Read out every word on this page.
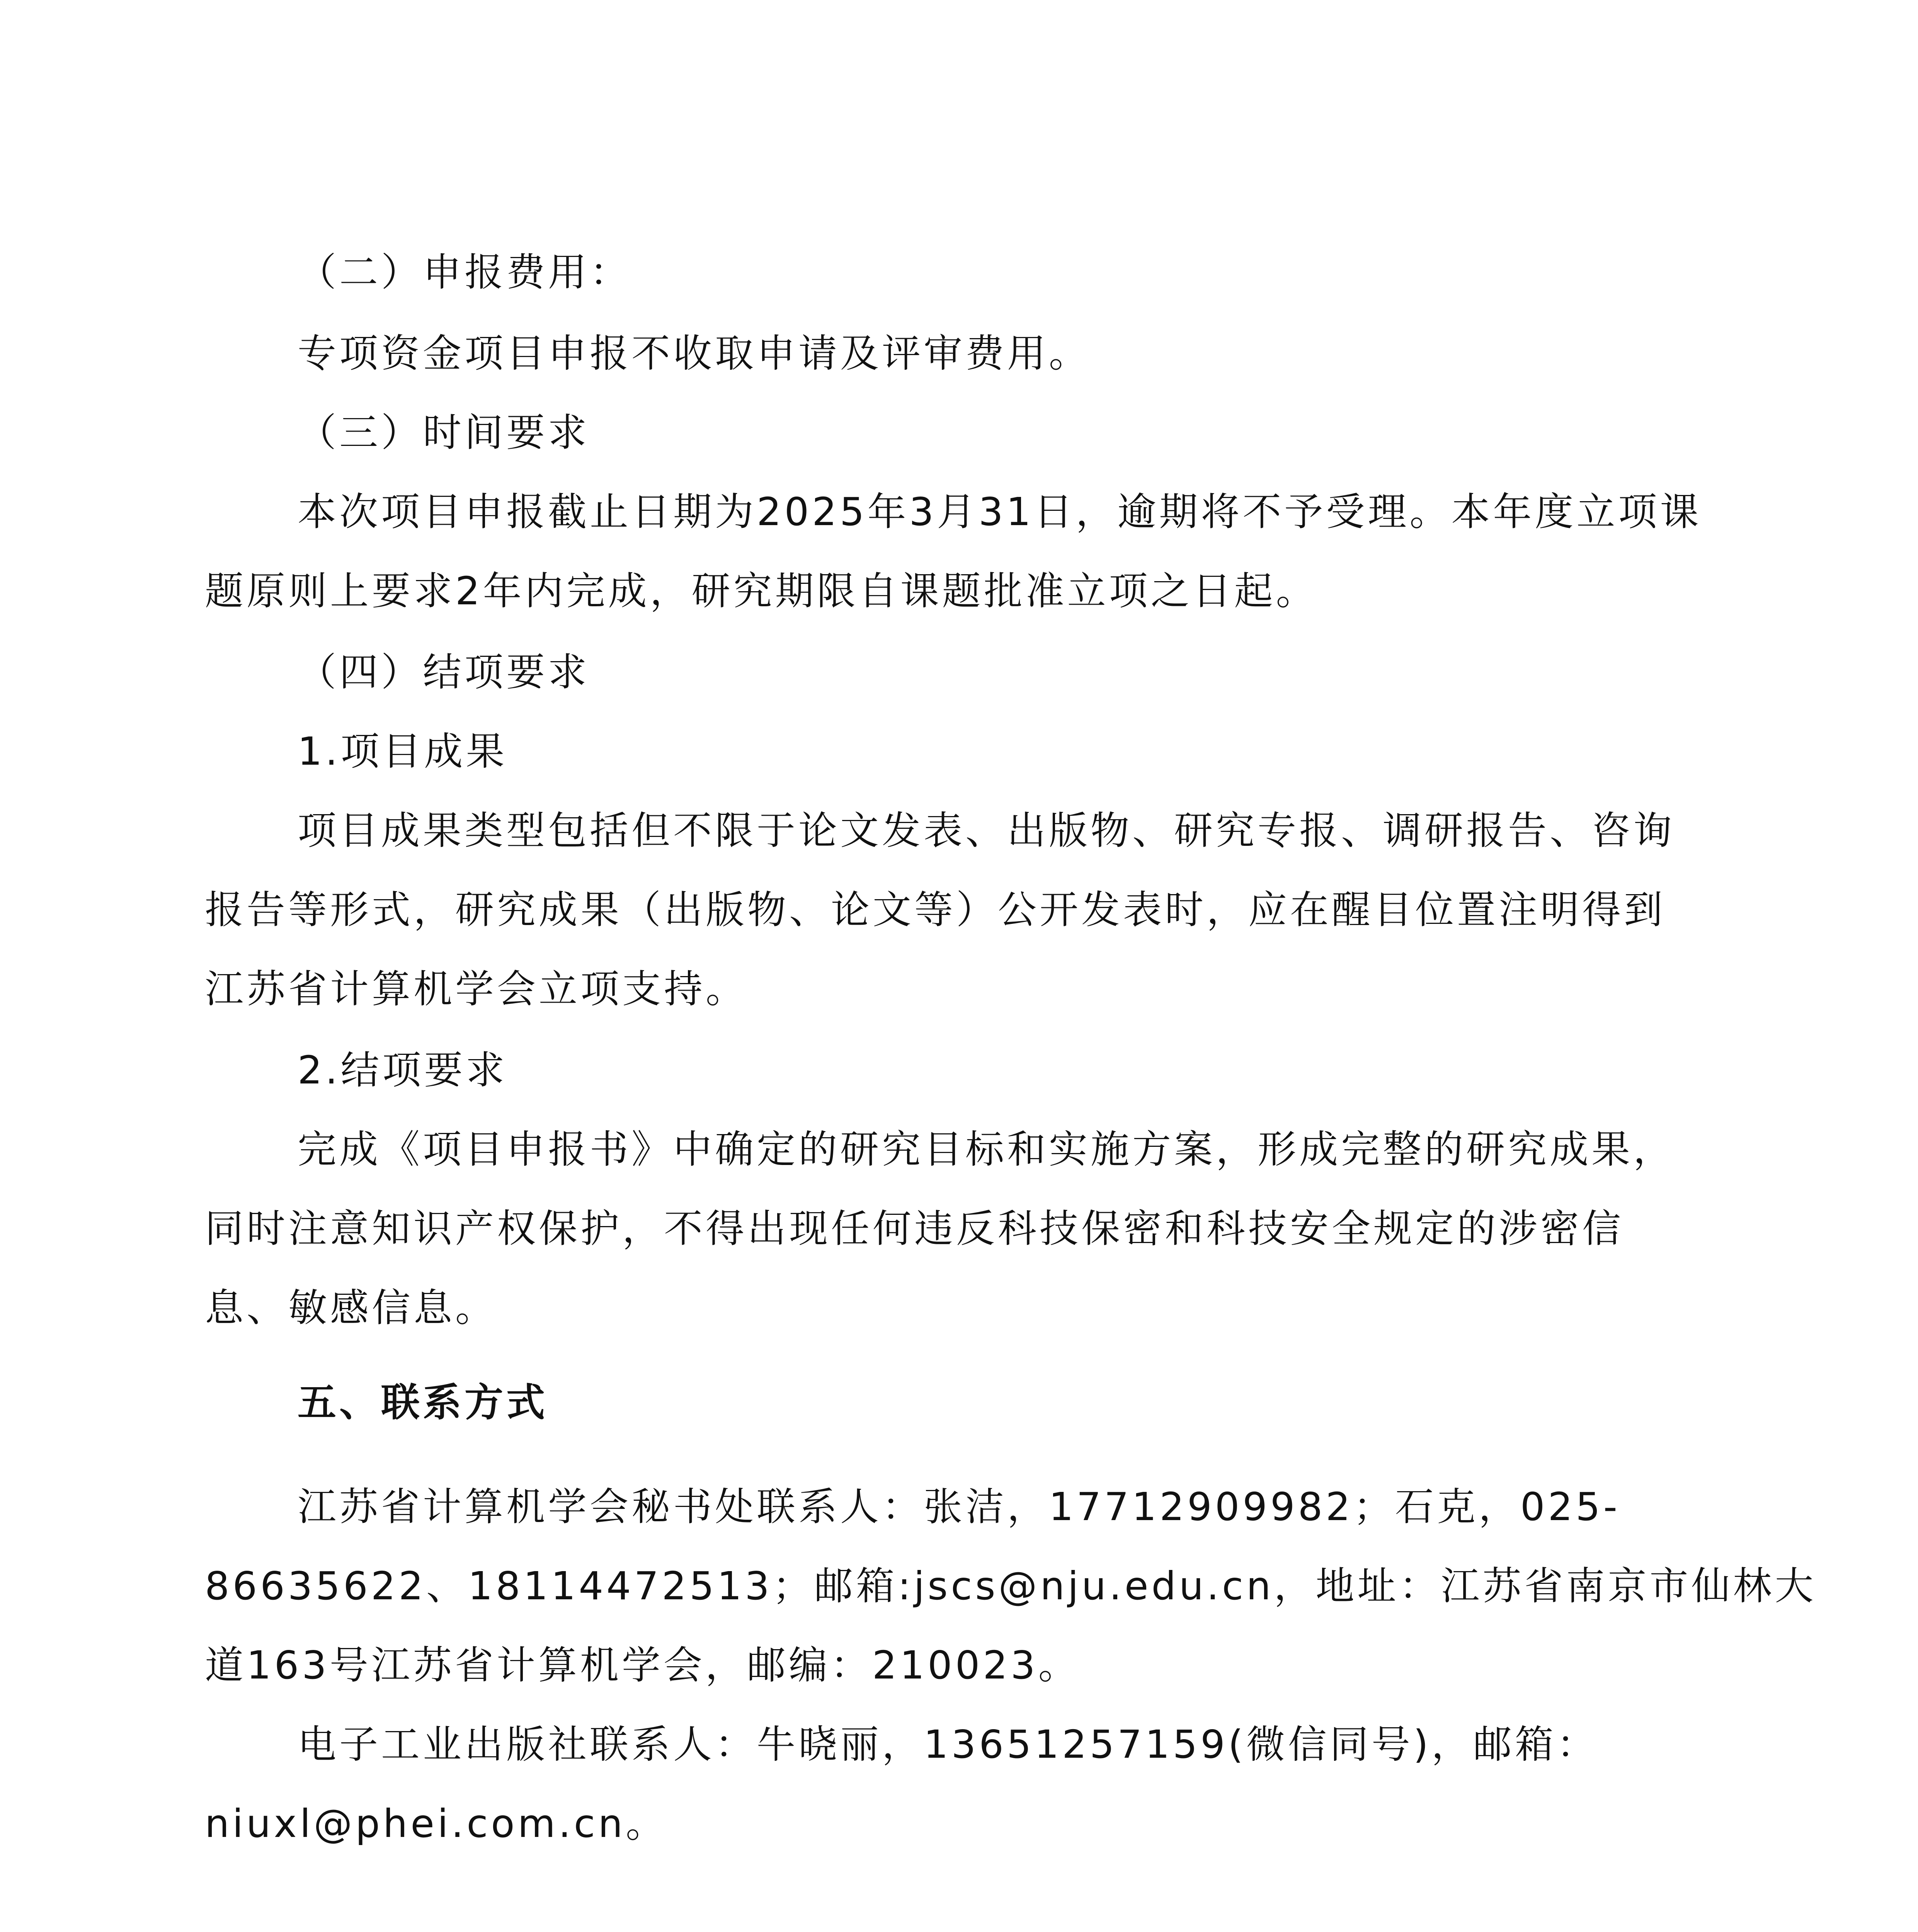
（二）申报费用：

专项资金项目申报不收取申请及评审费用。

（三）时间要求

本次项目申报截止日期为2025年3月31日，逾期将不予受理。本年度立项课

题原则上要求2年内完成，研究期限自课题批准立项之日起。

（四）结项要求

1.项目成果

项目成果类型包括但不限于论文发表、出版物、研究专报、调研报告、咨询

报告等形式，研究成果（出版物、论文等）公开发表时，应在醒目位置注明得到

江苏省计算机学会立项支持。

2.结项要求

完成《项目申报书》中确定的研究目标和实施方案，形成完整的研究成果，

同时注意知识产权保护，不得出现任何违反科技保密和科技安全规定的涉密信

息、敏感信息。

五、联系方式

江苏省计算机学会秘书处联系人：张洁，17712909982；石克，025-

86635622、18114472513；邮箱:jscs@nju.edu.cn，地址：江苏省南京市仙林大

道163号江苏省计算机学会，邮编：210023。

电子工业出版社联系人：牛晓丽，13651257159(微信同号)，邮箱：

niuxl@phei.com.cn。
